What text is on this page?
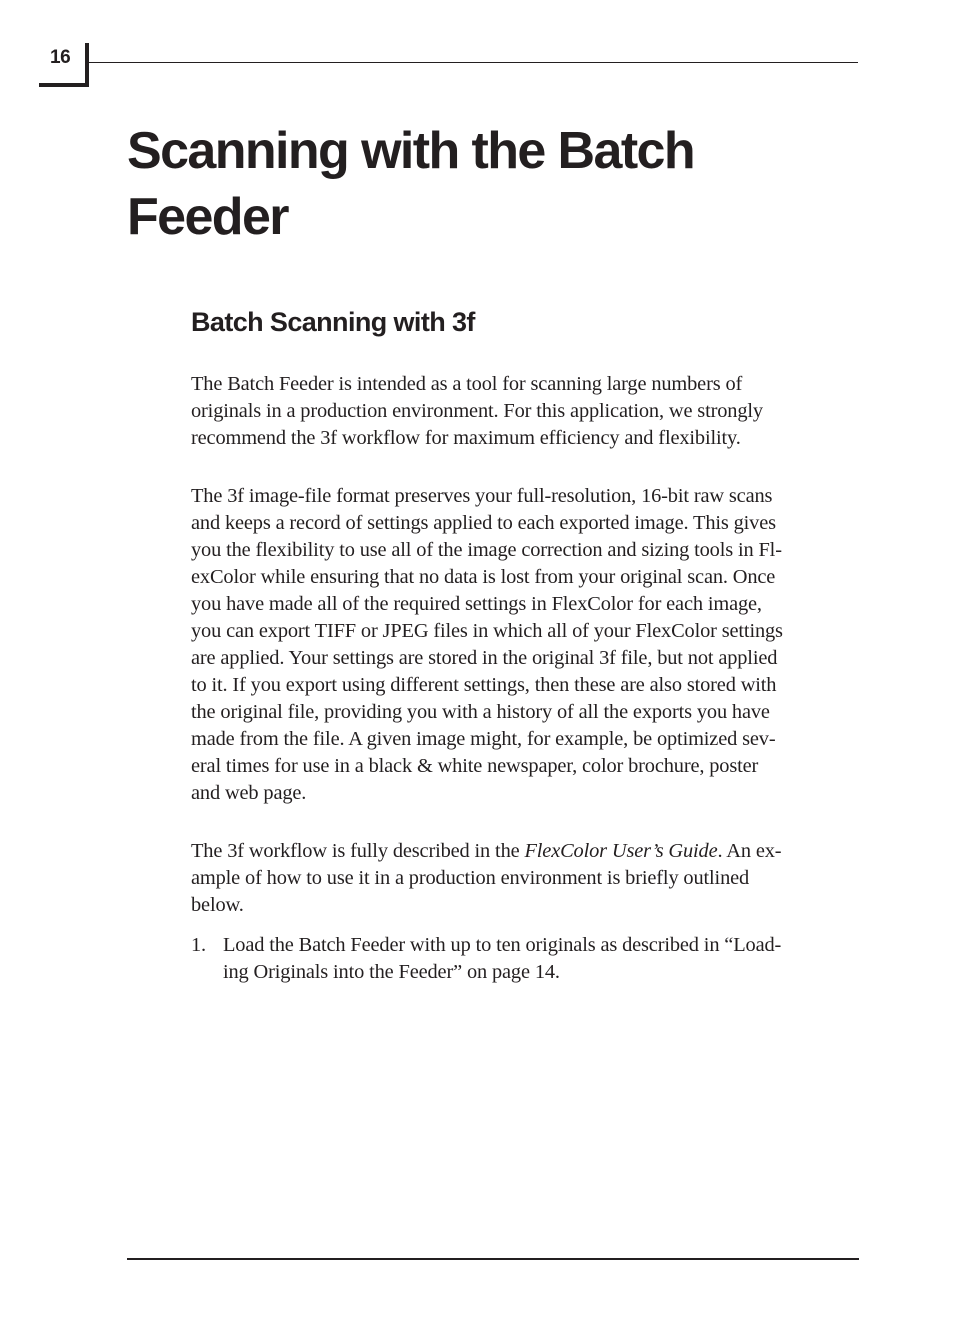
16
Scanning with the Batch
Feeder
Batch Scanning with 3f

The Batch Feeder is intended as a tool for scanning large numbers of
originals in a production environment. For this application, we strongly
recommend the 3f workflow for maximum efficiency and flexibility.

The 3f image-file format preserves your full-resolution, 16-bit raw scans
and keeps a record of settings applied to each exported image. This gives
you the flexibility to use all of the image correction and sizing tools in Fl-
exColor while ensuring that no data is lost from your original scan. Once
you have made all of the required settings in FlexColor for each image,
you can export TIFF or JPEG files in which all of your FlexColor settings
are applied. Your settings are stored in the original 3f file, but not applied
to it. If you export using different settings, then these are also stored with
the original file, providing you with a history of all the exports you have
made from the file. A given image might, for example, be optimized sev-
eral times for use in a black & white newspaper, color brochure, poster
and web page.

The 3f workflow is fully described in the FlexColor User’s Guide. An ex-
ample of how to use it in a production environment is briefly outlined
below.

1. Load the Batch Feeder with up to ten originals as described in “Load-
ing Originals into the Feeder” on page 14.
